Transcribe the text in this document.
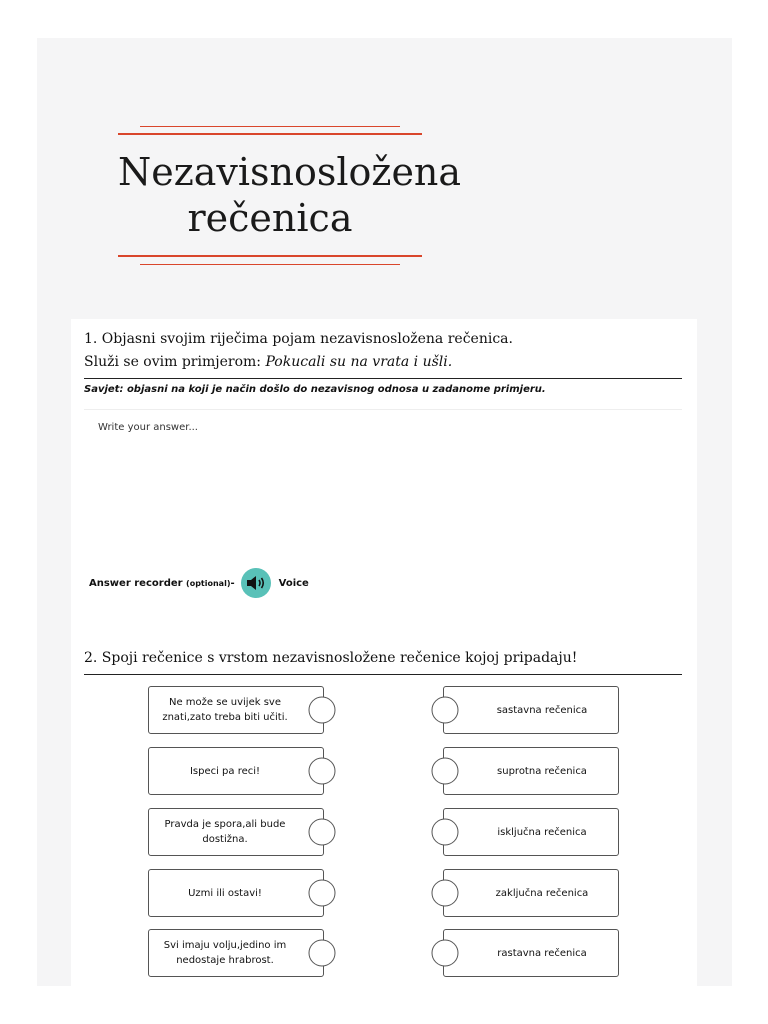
Nezavisnosložena rečenica
1. Objasni svojim riječima pojam nezavisnosložena rečenica.
Služi se ovim primjerom: Pokucali su na vrata i ušli.
Savjet: objasni na koji je način došlo do nezavisnog odnosa u zadanome primjeru.
Write your answer...
Answer recorder
(optional) -	Voice
2. Spoji rečenice s vrstom nezavisnosložene rečenice kojoj pripadaju!
Ne može se uvijek sve znati,zato treba biti učiti.
Ispeci pa reci!
Pravda je spora,ali bude dostižna.
Uzmi ili ostavi!
Svi imaju volju,jedino im nedostaje hrabrost.
sastavna rečenica
suprotna rečenica
isključna rečenica
zaključna rečenica
rastavna rečenica
